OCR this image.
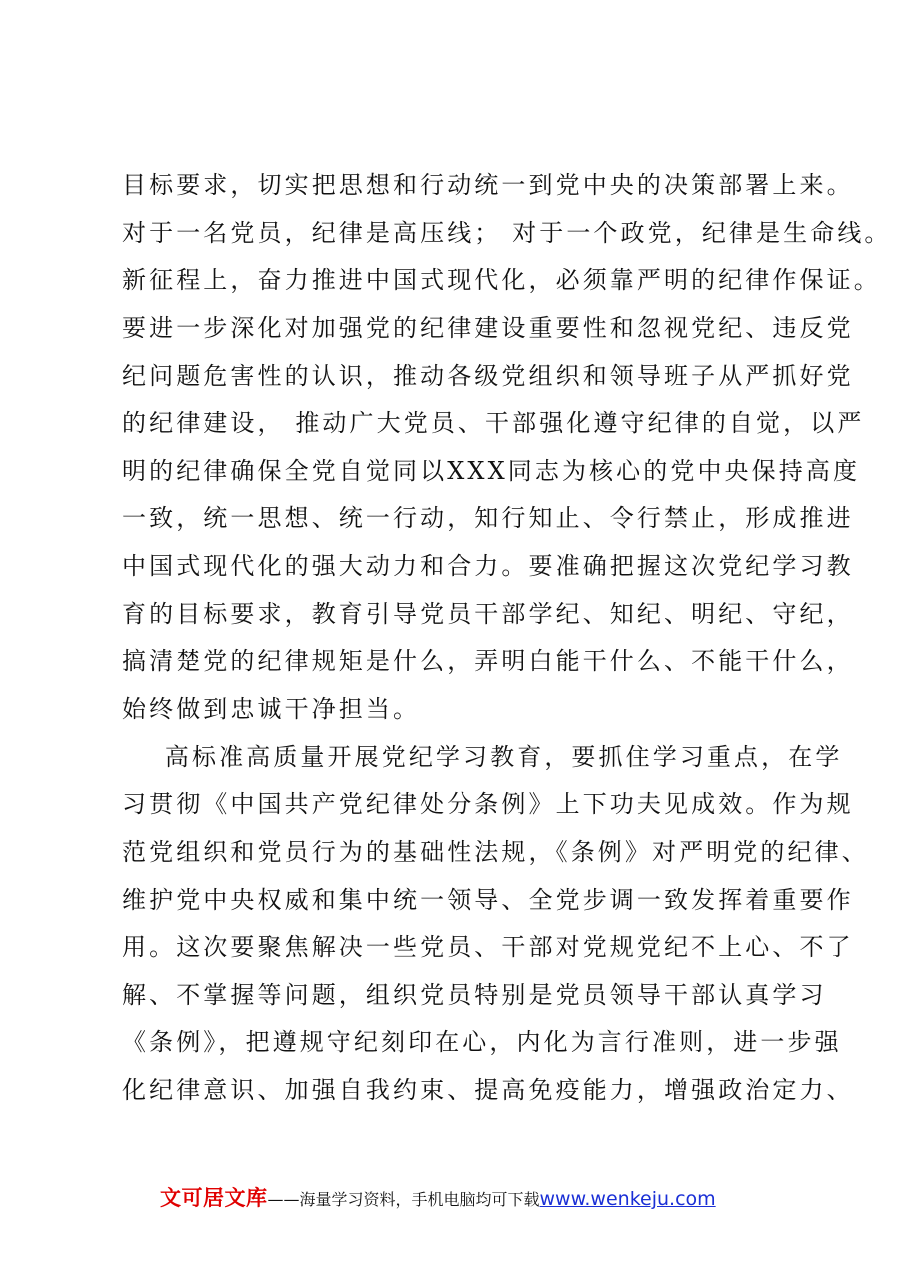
目标要求，切实把思想和行动统一到党中央的决策部署上来。
对于一名党员，纪律是高压线； 对于一个政党，纪律是生命线。
新征程上，奋力推进中国式现代化，必须靠严明的纪律作保证。
要进一步深化对加强党的纪律建设重要性和忽视党纪、违反党
纪问题危害性的认识，推动各级党组织和领导班子从严抓好党
的纪律建设， 推动广大党员、干部强化遵守纪律的自觉，以严
明的纪律确保全党自觉同以XXX同志为核心的党中央保持高度
一致，统一思想、统一行动，知行知止、令行禁止，形成推进
中国式现代化的强大动力和合力。要准确把握这次党纪学习教
育的目标要求，教育引导党员干部学纪、知纪、明纪、守纪，
搞清楚党的纪律规矩是什么，弄明白能干什么、不能干什么，
始终做到忠诚干净担当。
高标准高质量开展党纪学习教育，要抓住学习重点，在学
习贯彻《中国共产党纪律处分条例》上下功夫见成效。作为规
范党组织和党员行为的基础性法规，《条例》对严明党的纪律、
维护党中央权威和集中统一领导、全党步调一致发挥着重要作
用。这次要聚焦解决一些党员、干部对党规党纪不上心、不了
解、不掌握等问题，组织党员特别是党员领导干部认真学习
《条例》，把遵规守纪刻印在心，内化为言行准则，进一步强
化纪律意识、加强自我约束、提高免疫能力，增强政治定力、
文可居文库——海量学习资料，手机电脑均可下载www.wenkeju.com
